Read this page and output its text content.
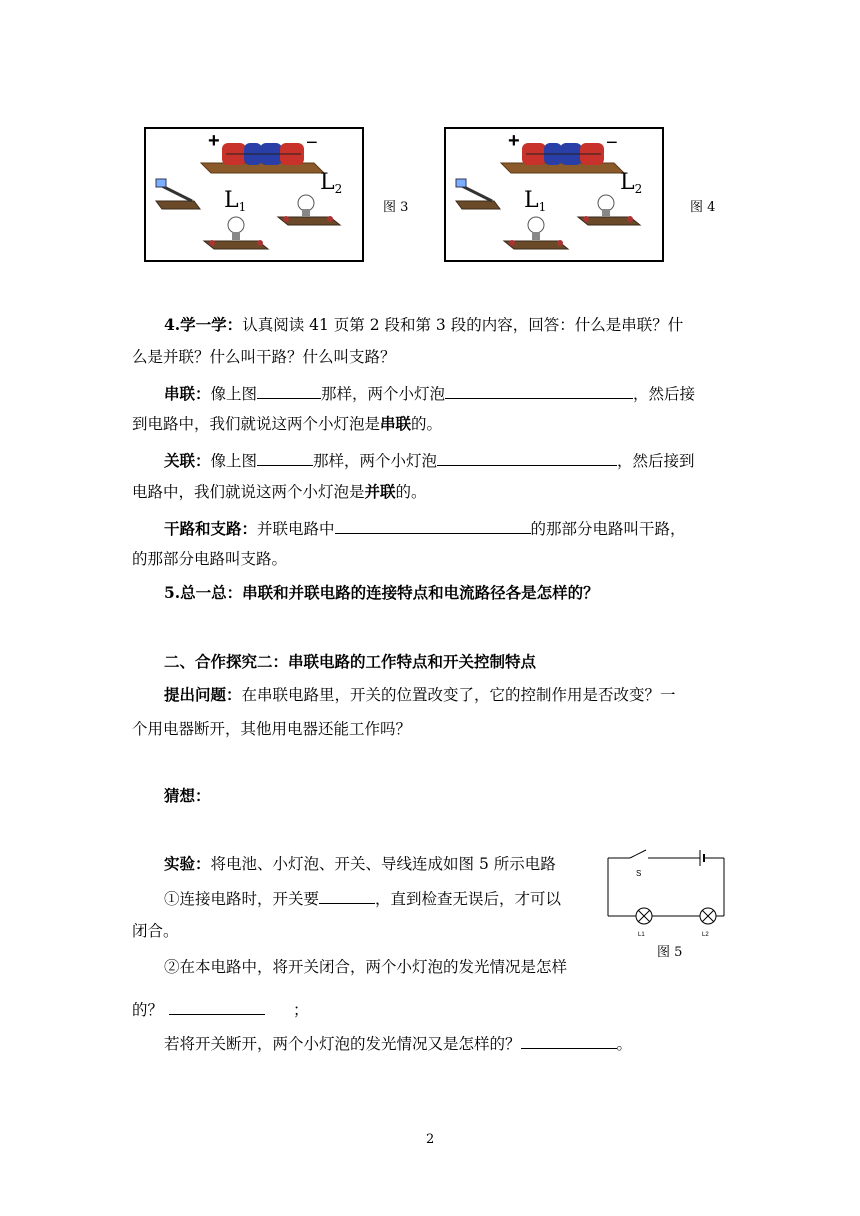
+	−
L1
L2
图 3
+	−
L1
L2
图 4
4.学一学：认真阅读 41 页第 2 段和第 3 段的内容，回答：什么是串联？什
么是并联？什么叫干路？什么叫支路？
串联：像上图	那样，两个小灯泡	，然后接
到电路中，我们就说这两个小灯泡是串联的。
关联：像上图	那样，两个小灯泡	，然后接到
电路中，我们就说这两个小灯泡是并联的。
干路和支路：并联电路中	的那部分电路叫干路，
的那部分电路叫支路。
5.总一总：串联和并联电路的连接特点和电流路径各是怎样的？
二、合作探究二：串联电路的工作特点和开关控制特点
提出问题：在串联电路里，开关的位置改变了，它的控制作用是否改变？一
个用电器断开，其他用电器还能工作吗？
猜想：
实验：将电池、小灯泡、开关、导线连成如图 5 所示电路
①连接电路时，开关要	，直到检查无误后，才可以
闭合。
②在本电路中，将开关闭合，两个小灯泡的发光情况是怎样
的？	；
若将开关断开，两个小灯泡的发光情况又是怎样的？	。
S
L1	L2
图 5
2
